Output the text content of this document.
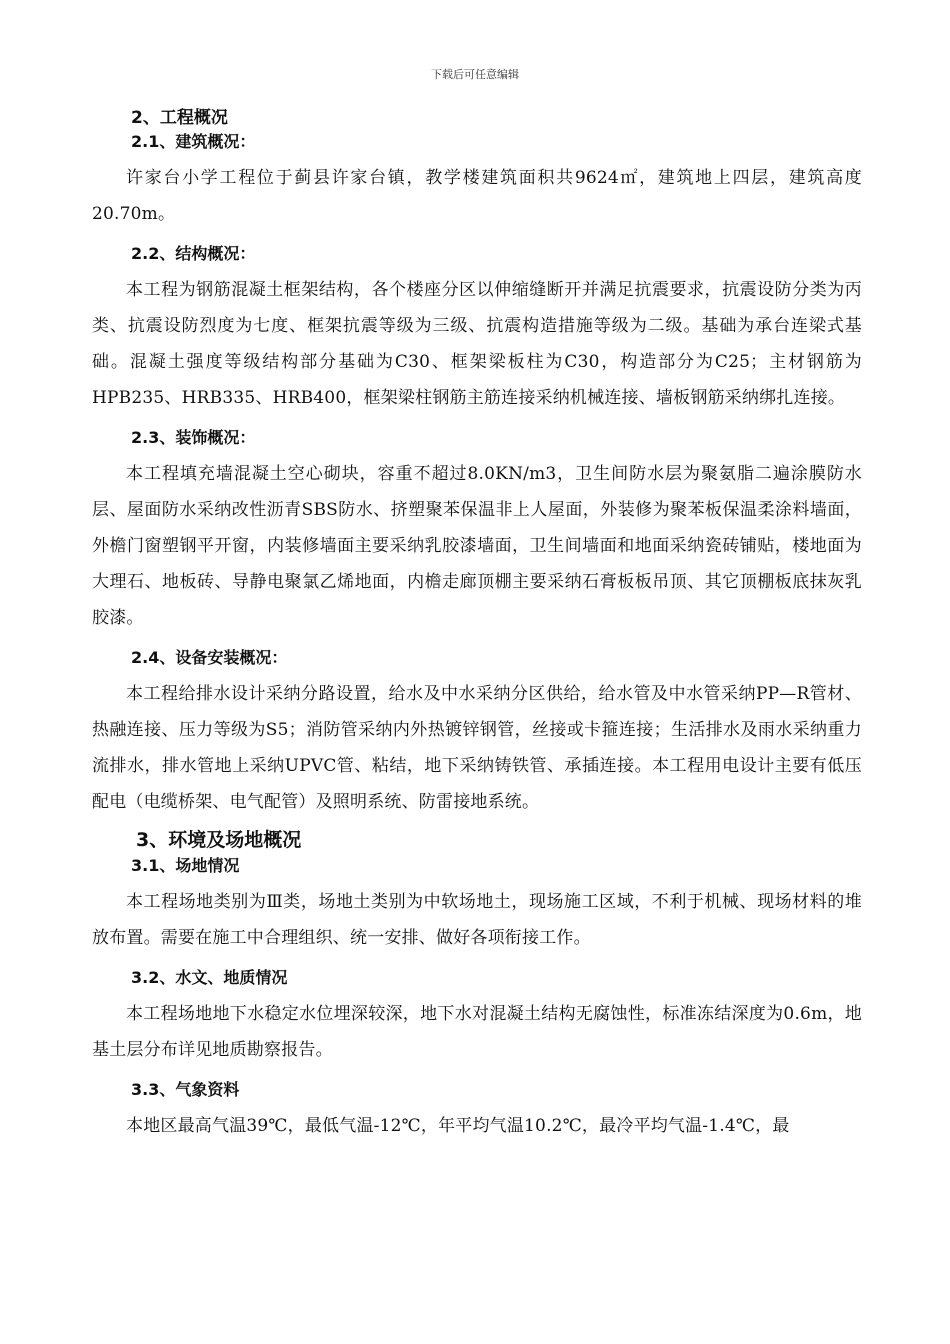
下载后可任意编辑
2、工程概况
2.1、建筑概况：

许家台小学工程位于蓟县许家台镇，教学楼建筑面积共9624㎡，建筑地上四层，建筑高度20.70m。

2.2、结构概况：

本工程为钢筋混凝土框架结构，各个楼座分区以伸缩缝断开并满足抗震要求，抗震设防分类为丙类、抗震设防烈度为七度、框架抗震等级为三级、抗震构造措施等级为二级。基础为承台连梁式基础。混凝土强度等级结构部分基础为C30、框架梁板柱为C30，构造部分为C25；主材钢筋为HPB235、HRB335、HRB400，框架梁柱钢筋主筋连接采纳机械连接、墙板钢筋采纳绑扎连接。

2.3、装饰概况：

本工程填充墙混凝土空心砌块，容重不超过8.0KN/m3，卫生间防水层为聚氨脂二遍涂膜防水层、屋面防水采纳改性沥青SBS防水、挤塑聚苯保温非上人屋面，外装修为聚苯板保温柔涂料墙面，外檐门窗塑钢平开窗，内装修墙面主要采纳乳胶漆墙面，卫生间墙面和地面采纳瓷砖铺贴，楼地面为大理石、地板砖、导静电聚氯乙烯地面，内檐走廊顶棚主要采纳石膏板板吊顶、其它顶棚板底抹灰乳胶漆。

2.4、设备安装概况：

本工程给排水设计采纳分路设置，给水及中水采纳分区供给，给水管及中水管采纳PP—R管材、热融连接、压力等级为S5；消防管采纳内外热镀锌钢管，丝接或卡箍连接；生活排水及雨水采纳重力流排水，排水管地上采纳UPVC管、粘结，地下采纳铸铁管、承插连接。本工程用电设计主要有低压配电（电缆桥架、电气配管）及照明系统、防雷接地系统。

3、环境及场地概况
3.1、场地情况

本工程场地类别为Ⅲ类，场地土类别为中软场地土，现场施工区域，不利于机械、现场材料的堆放布置。需要在施工中合理组织、统一安排、做好各项衔接工作。

3.2、水文、地质情况

本工程场地地下水稳定水位埋深较深，地下水对混凝土结构无腐蚀性，标准冻结深度为0.6m，地基土层分布详见地质勘察报告。

3.3、气象资料

本地区最高气温39℃，最低气温-12℃，年平均气温10.2℃，最冷平均气温-1.4℃，最
